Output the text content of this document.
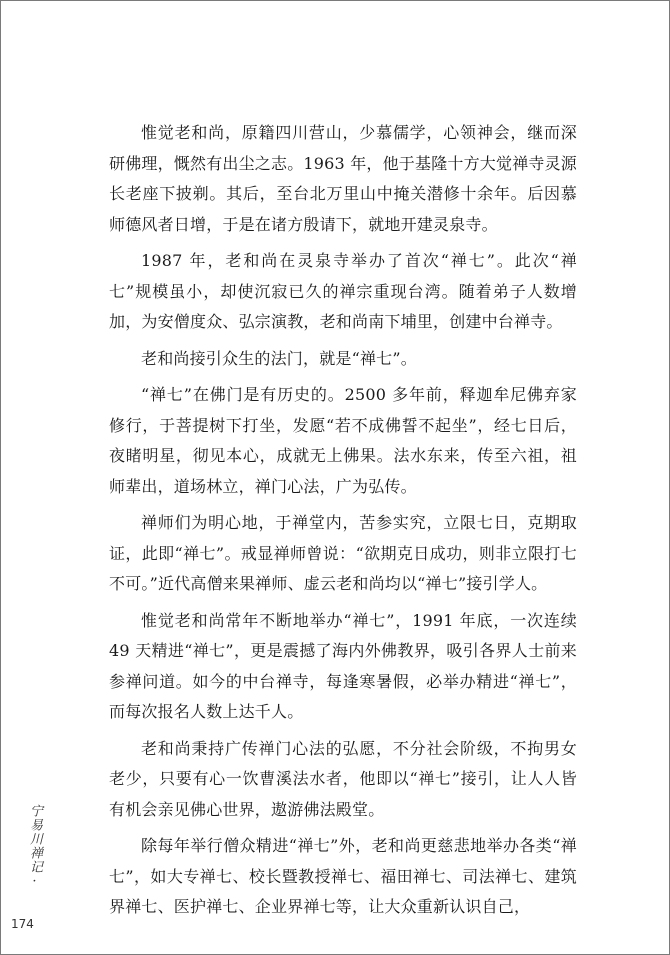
惟觉老和尚，原籍四川营山，少慕儒学，心领神会，继而深研佛理，慨然有出尘之志。1963 年，他于基隆十方大觉禅寺灵源长老座下披剃。其后，至台北万里山中掩关潜修十余年。后因慕师德风者日增，于是在诸方殷请下，就地开建灵泉寺。

1987 年，老和尚在灵泉寺举办了首次“禅七”。此次“禅七”规模虽小，却使沉寂已久的禅宗重现台湾。随着弟子人数增加，为安僧度众、弘宗演教，老和尚南下埔里，创建中台禅寺。

老和尚接引众生的法门，就是“禅七”。

“禅七”在佛门是有历史的。2500 多年前，释迦牟尼佛弃家修行，于菩提树下打坐，发愿“若不成佛誓不起坐”，经七日后，夜睹明星，彻见本心，成就无上佛果。法水东来，传至六祖，祖师辈出，道场林立，禅门心法，广为弘传。

禅师们为明心地，于禅堂内，苦参实究，立限七日，克期取证，此即“禅七”。戒显禅师曾说：“欲期克日成功，则非立限打七不可。”近代高僧来果禅师、虚云老和尚均以“禅七”接引学人。

惟觉老和尚常年不断地举办“禅七”，1991 年底，一次连续 49 天精进“禅七”，更是震撼了海内外佛教界，吸引各界人士前来参禅问道。如今的中台禅寺，每逢寒暑假，必举办精进“禅七”，而每次报名人数上达千人。

老和尚秉持广传禅门心法的弘愿，不分社会阶级，不拘男女老少，只要有心一饮曹溪法水者，他即以“禅七”接引，让人人皆有机会亲见佛心世界，遨游佛法殿堂。

除每年举行僧众精进“禅七”外，老和尚更慈悲地举办各类“禅七”，如大专禅七、校长暨教授禅七、福田禅七、司法禅七、建筑界禅七、医护禅七、企业界禅七等，让大众重新认识自己，

宁易川禅记·
174
